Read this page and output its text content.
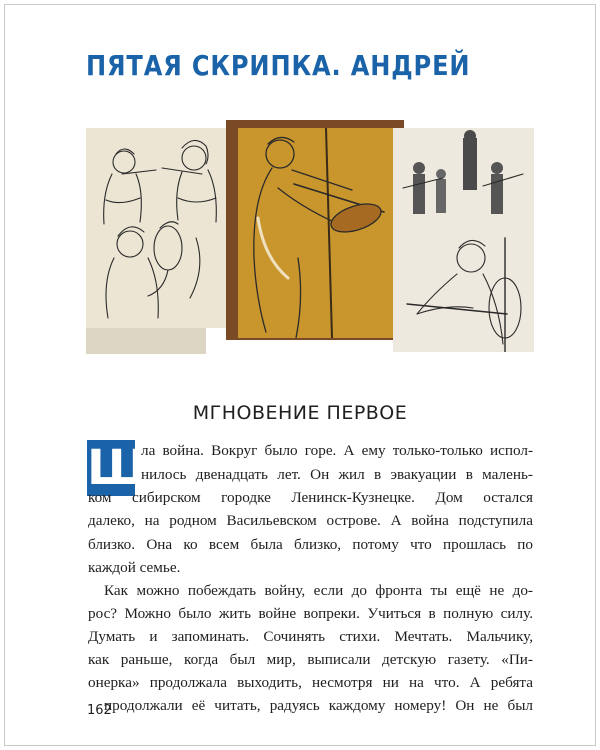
ПЯТАЯ СКРИПКА. АНДРЕЙ
МГНОВЕНИЕ ПЕРВОЕ
Ш

ла война. Вокруг было горе. А ему только-только испол-

нилось двенадцать лет. Он жил в эвакуации в малень-

ком сибирском городке Ленинск-Кузнецке. Дом остался

далеко, на родном Васильевском острове. А война подступила

близко. Она ко всем была близко, потому что прошлась по

каждой семье.

Как можно побеждать войну, если до фронта ты ещё не до-

рос? Можно было жить войне вопреки. Учиться в полную силу.

Думать и запоминать. Сочинять стихи. Мечтать. Мальчику,

как раньше, когда был мир, выписали детскую газету. «Пи-

онерка» продолжала выходить, несмотря ни на что. А ребята

продолжали её читать, радуясь каждому номеру! Он не был

162
